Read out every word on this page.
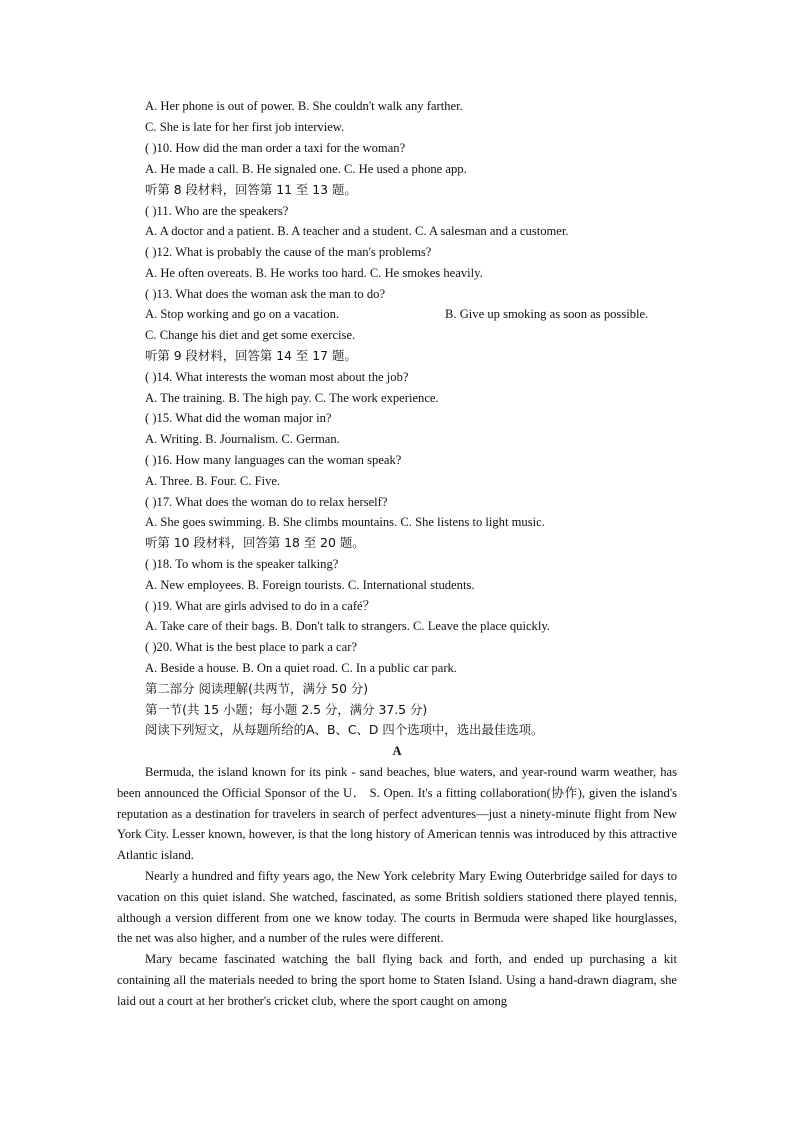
A. Her phone is out of power. B. She couldn't walk any farther.
C. She is late for her first job interview.
( )10. How did the man order a taxi for the woman?
A. He made a call. B. He signaled one. C. He used a phone app.
听第 8 段材料，回答第 11 至 13 题。
( )11. Who are the speakers?
A. A doctor and a patient. B. A teacher and a student. C. A salesman and a customer.
( )12. What is probably the cause of the man's problems?
A. He often overeats. B. He works too hard. C. He smokes heavily.
( )13. What does the woman ask the man to do?
A. Stop working and go on a vacation.	B. Give up smoking as soon as possible.
C. Change his diet and get some exercise.
听第 9 段材料，回答第 14 至 17 题。
( )14. What interests the woman most about the job?
A. The training. B. The high pay. C. The work experience.
( )15. What did the woman major in?
A. Writing. B. Journalism. C. German.
( )16. How many languages can the woman speak?
A. Three. B. Four. C. Five.
( )17. What does the woman do to relax herself?
A. She goes swimming. B. She climbs mountains. C. She listens to light music.
听第 10 段材料，回答第 18 至 20 题。
( )18. To whom is the speaker talking?
A. New employees. B. Foreign tourists. C. International students.
( )19. What are girls advised to do in a café？
A. Take care of their bags. B. Don't talk to strangers. C. Leave the place quickly.
( )20. What is the best place to park a car?
A. Beside a house. B. On a quiet road. C. In a public car park.
第二部分 阅读理解(共两节，满分 50 分)
第一节(共 15 小题；每小题 2.5 分，满分 37.5 分)
阅读下列短文，从每题所给的A、B、C、D 四个选项中，选出最佳选项。
A
Bermuda, the island known for its pink - sand beaches, blue waters, and year-round warm weather, has been announced the Official Sponsor of the U． S. Open. It's a fitting collaboration(协作), given the island's reputation as a destination for travelers in search of perfect adventures—just a ninety-minute flight from New York City. Lesser known, however, is that the long history of American tennis was introduced by this attractive Atlantic island.
Nearly a hundred and fifty years ago, the New York celebrity Mary Ewing Outerbridge sailed for days to vacation on this quiet island. She watched, fascinated, as some British soldiers stationed there played tennis, although a version different from one we know today. The courts in Bermuda were shaped like hourglasses, the net was also higher, and a number of the rules were different.
Mary became fascinated watching the ball flying back and forth, and ended up purchasing a kit containing all the materials needed to bring the sport home to Staten Island. Using a hand-drawn diagram, she laid out a court at her brother's cricket club, where the sport caught on among
